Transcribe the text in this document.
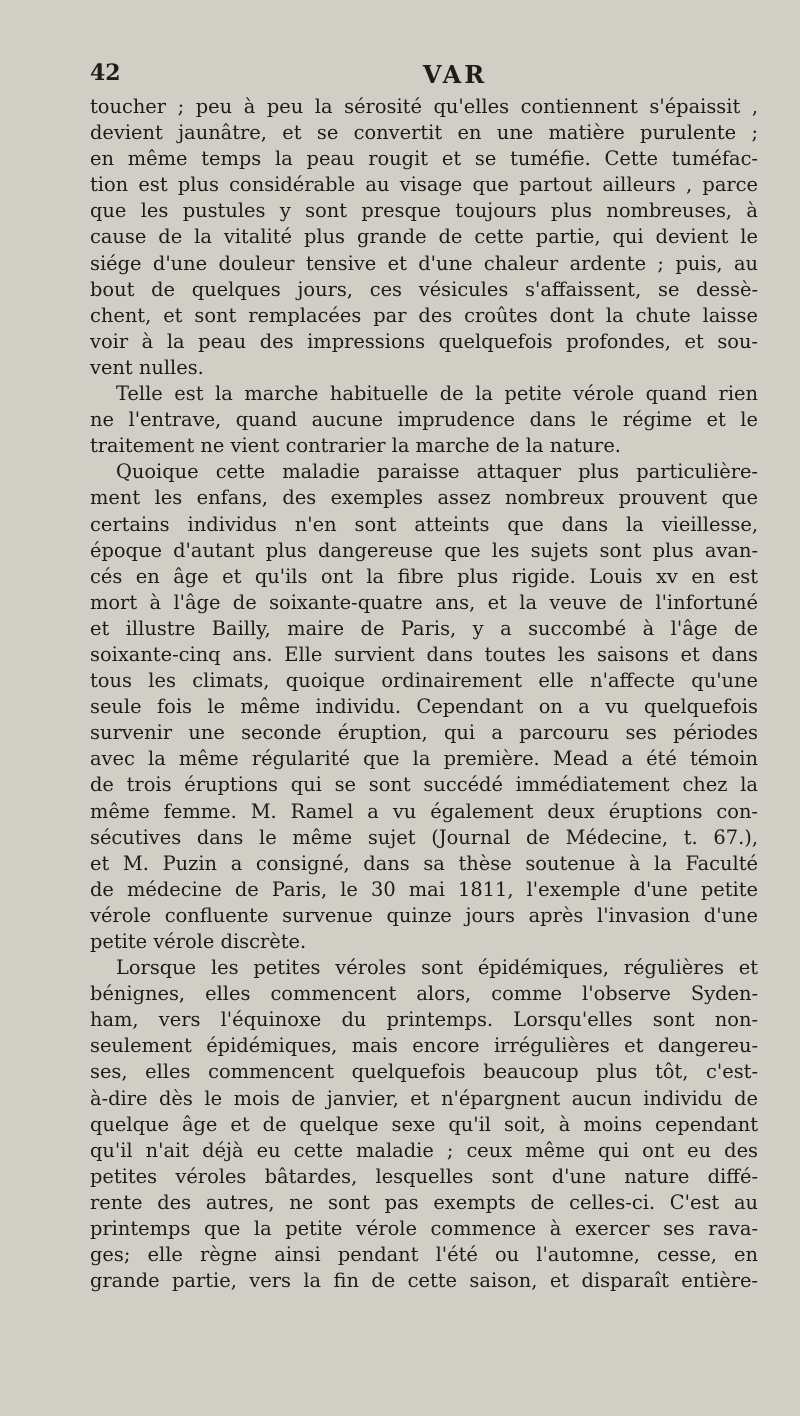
42	VAR
toucher ; peu à peu la sérosité qu'elles contiennent s'épaissit ,
devient jaunâtre, et se convertit en une matière purulente ;
en même temps la peau rougit et se tuméfie. Cette tuméfac-
tion est plus considérable au visage que partout ailleurs , parce
que les pustules y sont presque toujours plus nombreuses, à
cause de la vitalité plus grande de cette partie, qui devient le
siége d'une douleur tensive et d'une chaleur ardente ; puis, au
bout de quelques jours, ces vésicules s'affaissent, se dessè-
chent, et sont remplacées par des croûtes dont la chute laisse
voir à la peau des impressions quelquefois profondes, et sou-
vent nulles.
Telle est la marche habituelle de la petite vérole quand rien
ne l'entrave, quand aucune imprudence dans le régime et le
traitement ne vient contrarier la marche de la nature.
Quoique cette maladie paraisse attaquer plus particulière-
ment les enfans, des exemples assez nombreux prouvent que
certains individus n'en sont atteints que dans la vieillesse,
époque d'autant plus dangereuse que les sujets sont plus avan-
cés en âge et qu'ils ont la fibre plus rigide. Louis xv en est
mort à l'âge de soixante-quatre ans, et la veuve de l'infortuné
et illustre Bailly, maire de Paris, y a succombé à l'âge de
soixante-cinq ans. Elle survient dans toutes les saisons et dans
tous les climats, quoique ordinairement elle n'affecte qu'une
seule fois le même individu. Cependant on a vu quelquefois
survenir une seconde éruption, qui a parcouru ses périodes
avec la même régularité que la première. Mead a été témoin
de trois éruptions qui se sont succédé immédiatement chez la
même femme. M. Ramel a vu également deux éruptions con-
sécutives dans le même sujet (Journal de Médecine, t. 67.),
et M. Puzin a consigné, dans sa thèse soutenue à la Faculté
de médecine de Paris, le 30 mai 1811, l'exemple d'une petite
vérole confluente survenue quinze jours après l'invasion d'une
petite vérole discrète.
Lorsque les petites véroles sont épidémiques, régulières et
bénignes, elles commencent alors, comme l'observe Syden-
ham, vers l'équinoxe du printemps. Lorsqu'elles sont non-
seulement épidémiques, mais encore irrégulières et dangereu-
ses, elles commencent quelquefois beaucoup plus tôt, c'est-
à-dire dès le mois de janvier, et n'épargnent aucun individu de
quelque âge et de quelque sexe qu'il soit, à moins cependant
qu'il n'ait déjà eu cette maladie ; ceux même qui ont eu des
petites véroles bâtardes, lesquelles sont d'une nature diffé-
rente des autres, ne sont pas exempts de celles-ci. C'est au
printemps que la petite vérole commence à exercer ses rava-
ges; elle règne ainsi pendant l'été ou l'automne, cesse, en
grande partie, vers la fin de cette saison, et disparaît entière-
